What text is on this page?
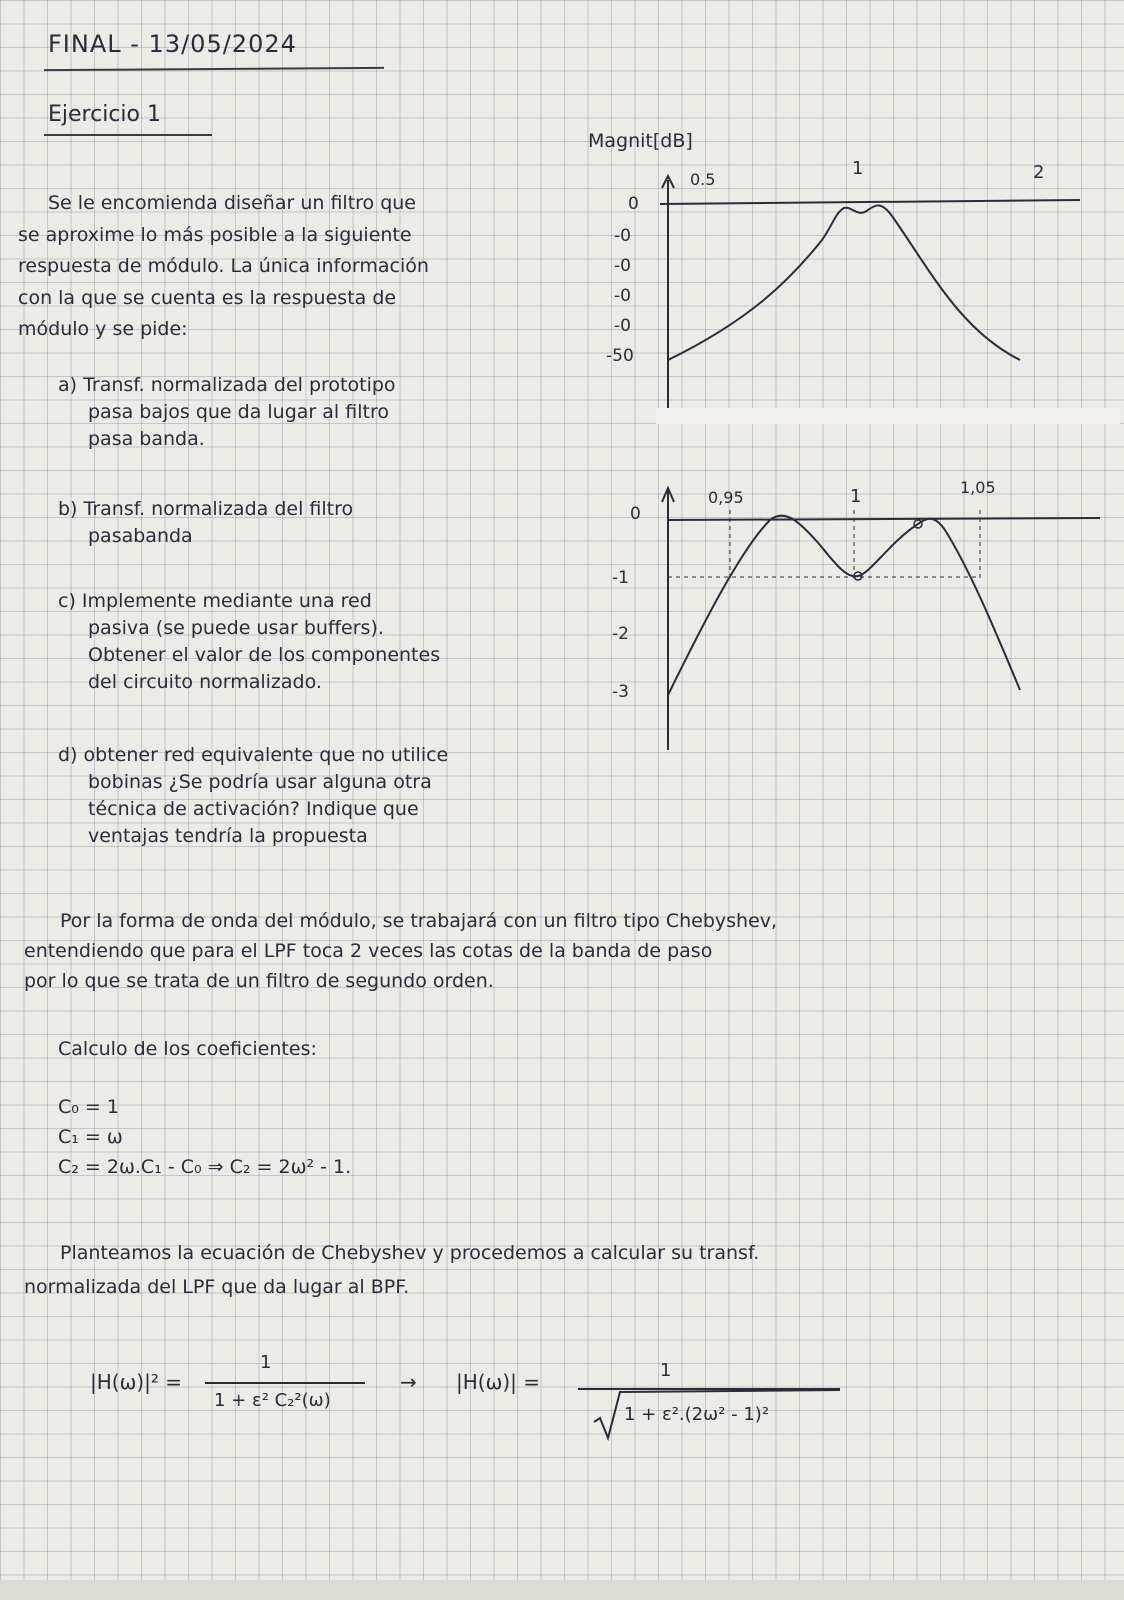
FINAL - 13/05/2024
Ejercicio 1
Se le encomienda diseñar un filtro que
se aproxime lo más posible a la siguiente
respuesta de módulo. La única información
con la que se cuenta es la respuesta de
módulo y se pide:
a) Transf. normalizada del prototipo
pasa bajos que da lugar al filtro
pasa banda.
b) Transf. normalizada del filtro
pasabanda
c) Implemente mediante una red
pasiva (se puede usar buffers).
Obtener el valor de los componentes
del circuito normalizado.
d) obtener red equivalente que no utilice
bobinas ¿Se podría usar alguna otra
técnica de activación? Indique que
ventajas tendría la propuesta
Magnit[dB]
0.5
1	2
0
-0
-0
-0
-0
-50
0,95	1	1,05
0
-1
-2
-3
Por la forma de onda del módulo, se trabajará con un filtro tipo Chebyshev,
entendiendo que para el LPF toca 2 veces las cotas de la banda de paso
por lo que se trata de un filtro de segundo orden.
Calculo de los coeficientes:
C₀ = 1
C₁ = ω
C₂ = 2ω.C₁ - C₀ ⇒ C₂ = 2ω² - 1.
Planteamos la ecuación de Chebyshev y procedemos a calcular su transf.
normalizada del LPF que da lugar al BPF.
|H(ω)|² =
1
1 + ε² C₂²(ω)
→ |H(ω)| =	1
1 + ε².(2ω² - 1)²
